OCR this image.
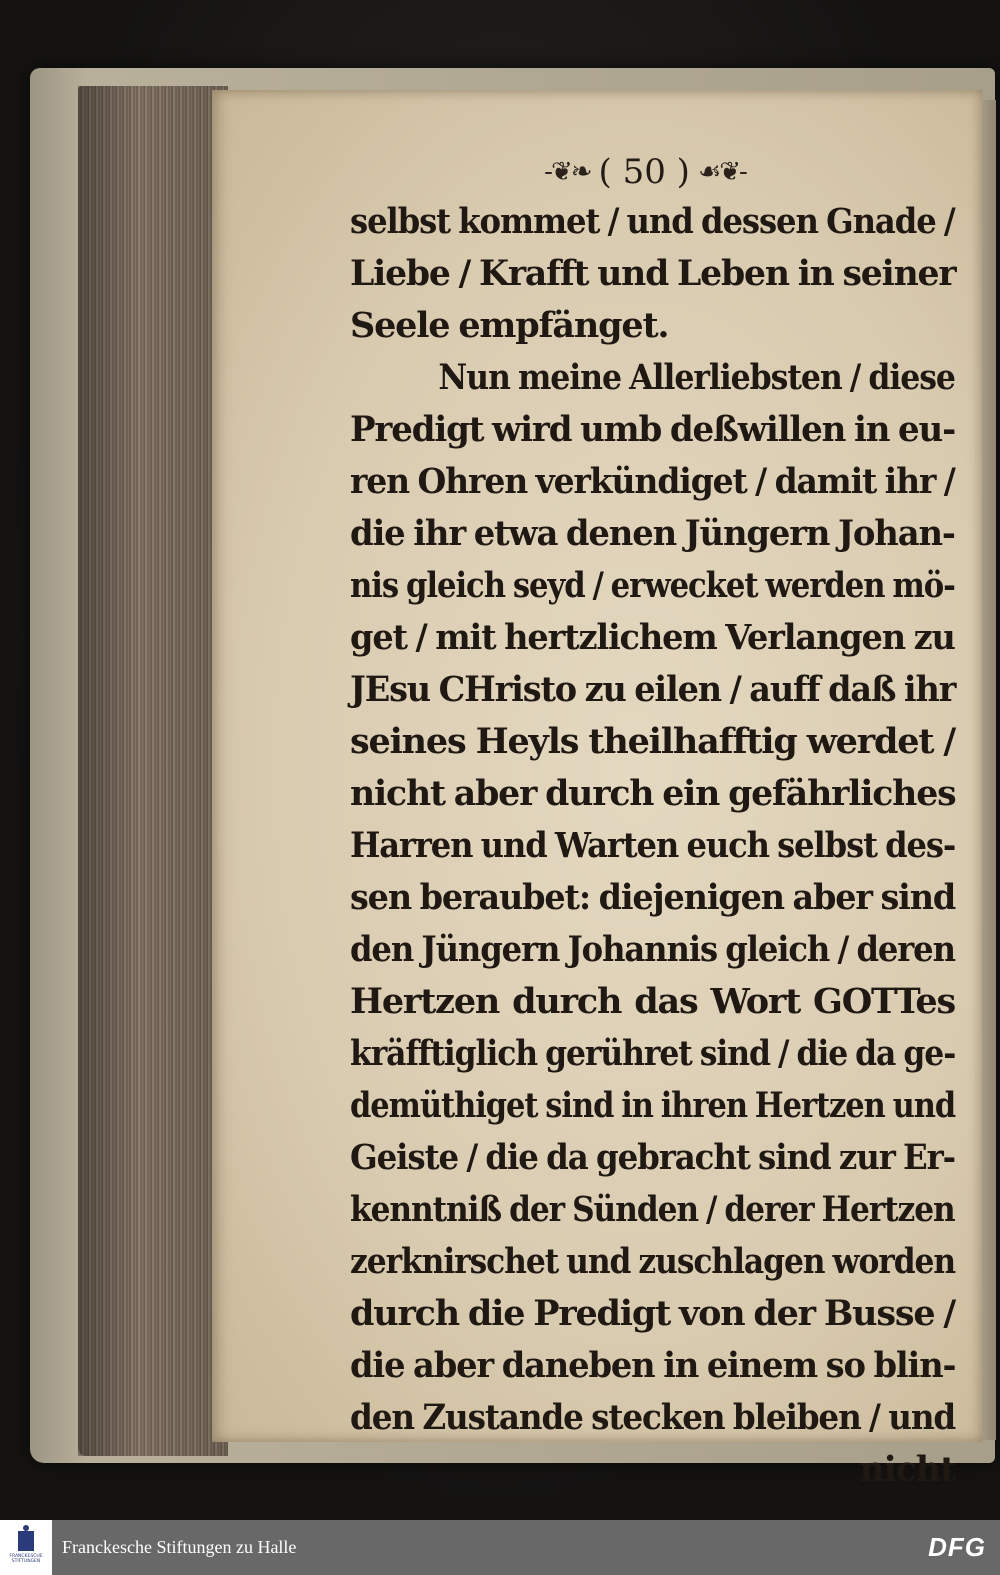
-❦❧ ( 50 ) ☙❦-
selbst kommet / und dessen Gnade /
Liebe / Krafft und Leben in seiner
Seele empfänget.
Nun meine Allerliebsten / diese
Predigt wird umb deßwillen in eu-
ren Ohren verkündiget / damit ihr /
die ihr etwa denen Jüngern Johan-
nis gleich seyd / erwecket werden mö-
get / mit hertzlichem Verlangen zu
JEsu CHristo zu eilen / auff daß ihr
seines Heyls theilhafftig werdet /
nicht aber durch ein gefährliches
Harren und Warten euch selbst des-
sen beraubet: diejenigen aber sind
den Jüngern Johannis gleich / deren
Hertzen durch das Wort GOTTes
kräfftiglich gerühret sind / die da ge-
demüthiget sind in ihren Hertzen und
Geiste / die da gebracht sind zur Er-
kenntniß der Sünden / derer Hertzen
zerknirschet und zuschlagen worden
durch die Predigt von der Busse /
die aber daneben in einem so blin-
den Zustande stecken bleiben / und
nicht
FRANCKESCHE STIFTUNGEN
Franckesche Stiftungen zu Halle	DFG
